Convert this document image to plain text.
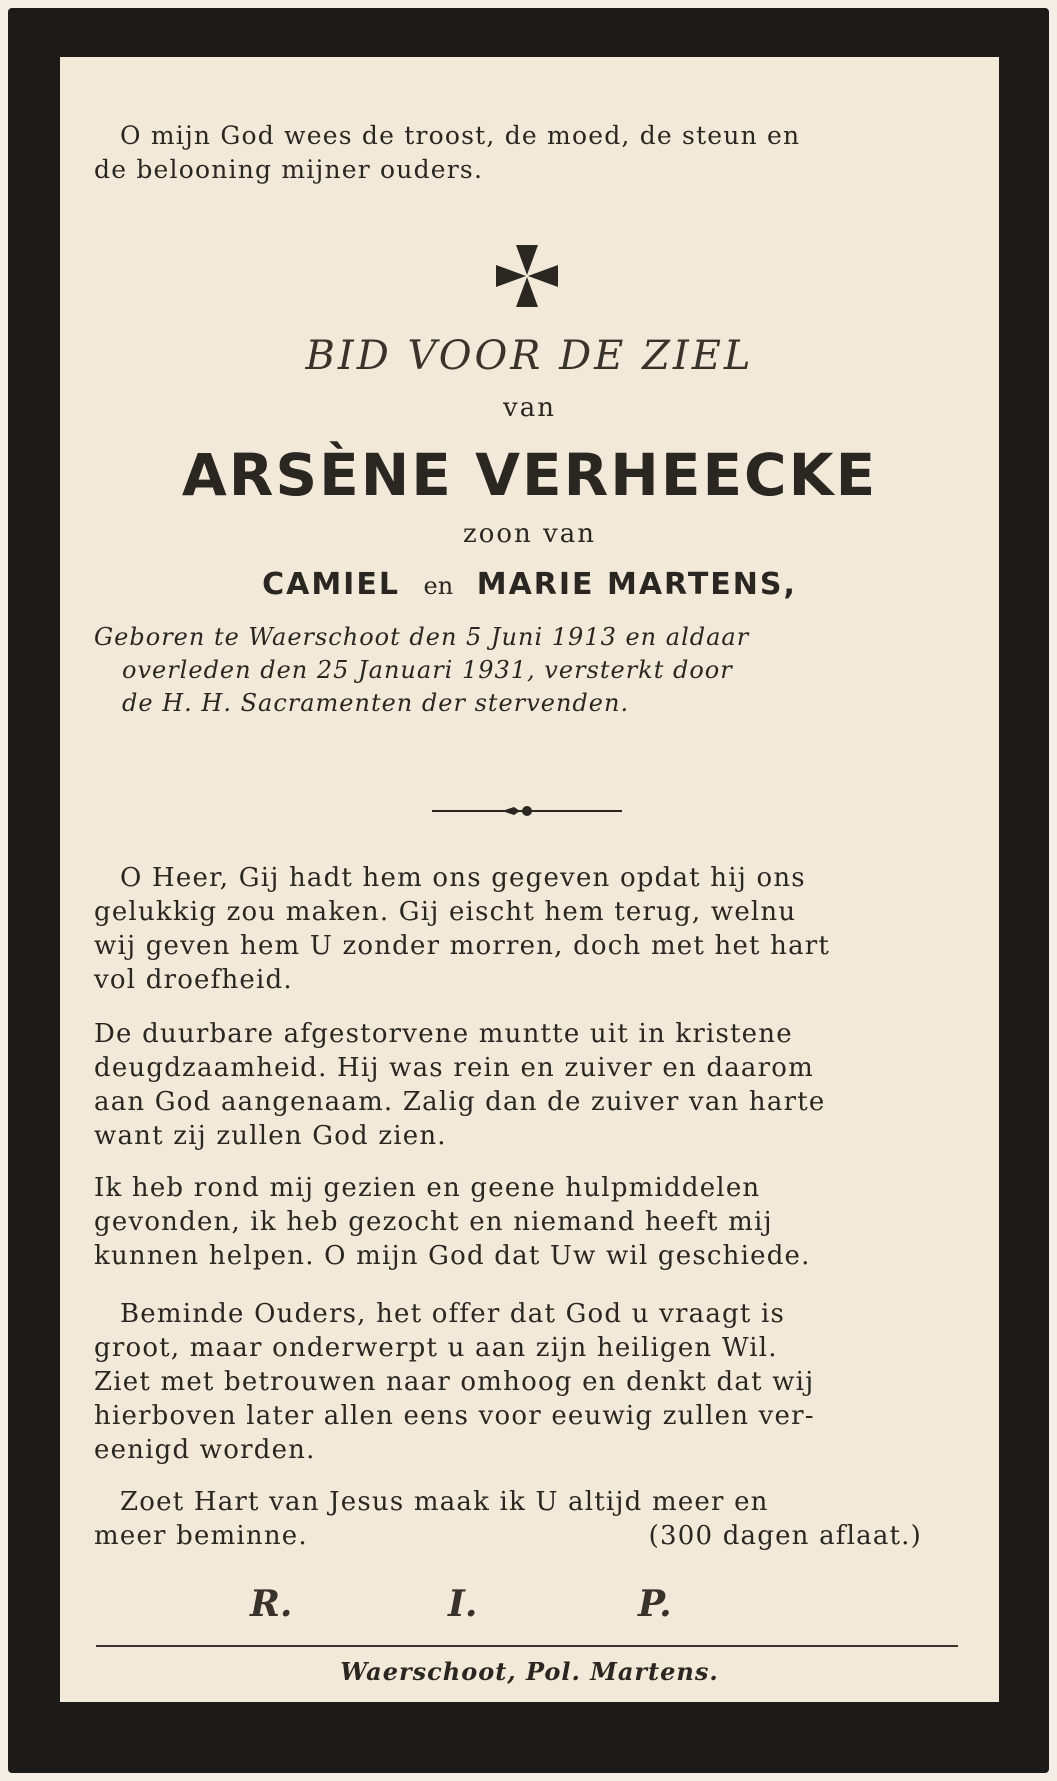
O mijn God wees de troost, de moed, de steun en
de belooning mijner ouders.
BID VOOR DE ZIEL
van
ARSÈNE VERHEECKE
zoon van
CAMIEL en MARIE MARTENS,
Geboren te Waerschoot den 5 Juni 1913 en aldaar
overleden den 25 Januari 1931, versterkt door
de H. H. Sacramenten der stervenden.
O Heer, Gij hadt hem ons gegeven opdat hij ons
gelukkig zou maken. Gij eischt hem terug, welnu
wij geven hem U zonder morren, doch met het hart
vol droefheid.
De duurbare afgestorvene muntte uit in kristene
deugdzaamheid. Hij was rein en zuiver en daarom
aan God aangenaam. Zalig dan de zuiver van harte
want zij zullen God zien.
Ik heb rond mij gezien en geene hulpmiddelen
gevonden, ik heb gezocht en niemand heeft mij
kunnen helpen. O mijn God dat Uw wil geschiede.
Beminde Ouders, het offer dat God u vraagt is
groot, maar onderwerpt u aan zijn heiligen Wil.
Ziet met betrouwen naar omhoog en denkt dat wij
hierboven later allen eens voor eeuwig zullen ver-
eenigd worden.
Zoet Hart van Jesus maak ik U altijd meer en
meer beminne.	(300 dagen aflaat.)
R.	I.	P.
Waerschoot, Pol. Martens.
